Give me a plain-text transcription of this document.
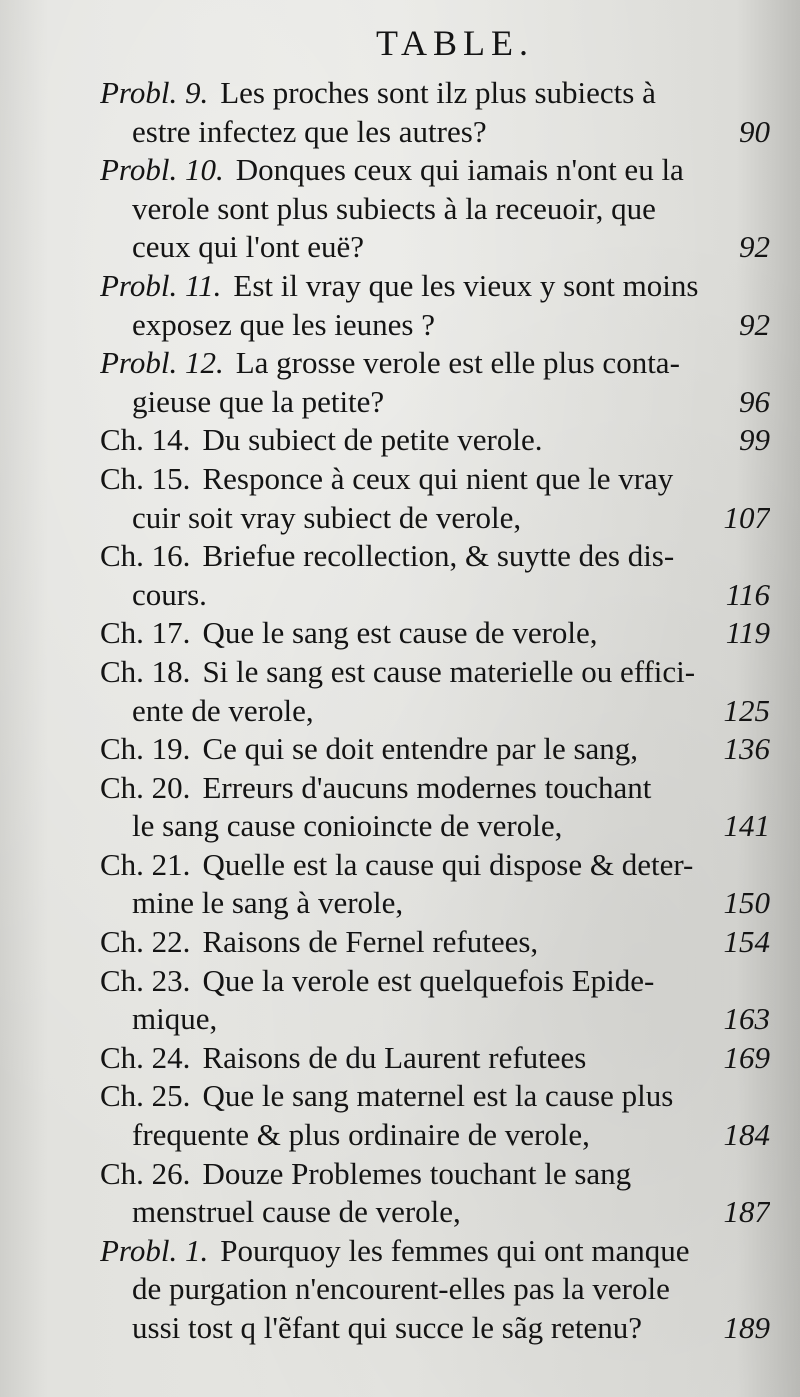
TABLE.
Probl. 9. Les proches sont ilz plus subiects à
estre infectez que les autres?	90
Probl. 10. Donques ceux qui iamais n'ont eu la
verole sont plus subiects à la receuoir, que
ceux qui l'ont euë?	92
Probl. 11. Est il vray que les vieux y sont moins
exposez que les ieunes ?	92
Probl. 12. La grosse verole est elle plus conta-
gieuse que la petite?	96
Ch. 14. Du subiect de petite verole.	99
Ch. 15. Responce à ceux qui nient que le vray
cuir soit vray subiect de verole,	107
Ch. 16. Briefue recollection, & suytte des dis-
cours.	116
Ch. 17. Que le sang est cause de verole,	119
Ch. 18. Si le sang est cause materielle ou effici-
ente de verole,	125
Ch. 19. Ce qui se doit entendre par le sang,	136
Ch. 20. Erreurs d'aucuns modernes touchant
le sang cause conioincte de verole,	141
Ch. 21. Quelle est la cause qui dispose & deter-
mine le sang à verole,	150
Ch. 22. Raisons de Fernel refutees,	154
Ch. 23. Que la verole est quelquefois Epide-
mique,	163
Ch. 24. Raisons de du Laurent refutees	169
Ch. 25. Que le sang maternel est la cause plus
frequente & plus ordinaire de verole,	184
Ch. 26. Douze Problemes touchant le sang
menstruel cause de verole,	187
Probl. 1. Pourquoy les femmes qui ont manque
de purgation n'encourent-elles pas la verole
ussi tost q l'ẽfant qui succe le sãg retenu?	189
